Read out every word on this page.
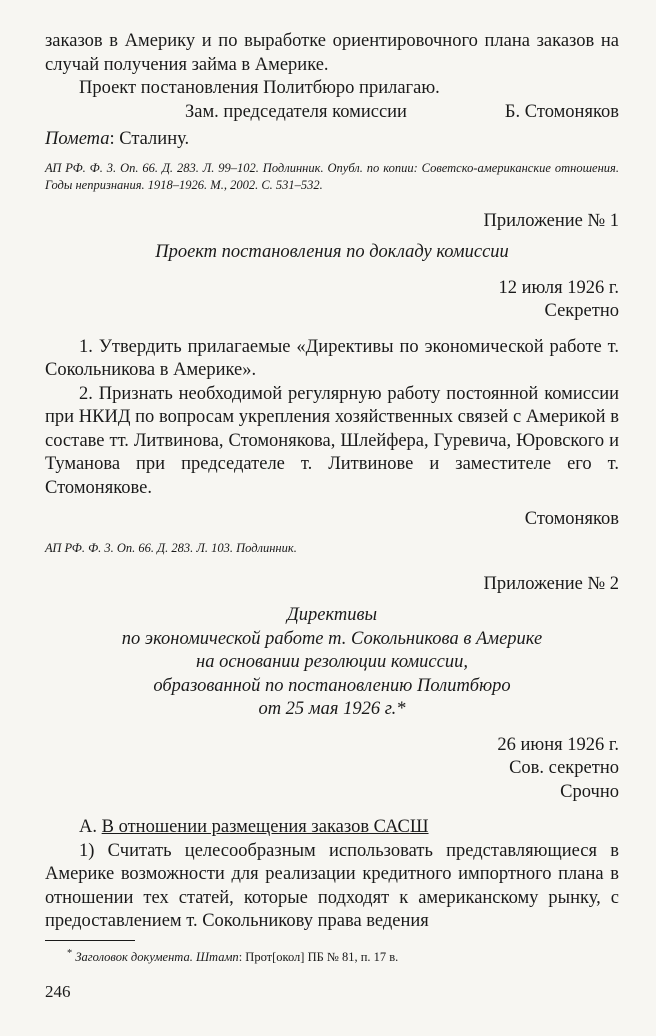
заказов в Америку и по выработке ориентировочного плана заказов на случай получения займа в Америке.

Проект постановления Политбюро прилагаю.

Зам. председателя комиссии	Б. Стомоняков

Помета: Сталину.

АП РФ. Ф. 3. Оп. 66. Д. 283. Л. 99–102. Подлинник. Опубл. по копии: Советско-американские отношения. Годы непризнания. 1918–1926. М., 2002. С. 531–532.

Приложение № 1

Проект постановления по докладу комиссии

12 июля 1926 г.

Секретно

1. Утвердить прилагаемые «Директивы по экономической работе т. Сокольникова в Америке».

2. Признать необходимой регулярную работу постоянной комиссии при НКИД по вопросам укрепления хозяйственных связей с Америкой в составе тт. Литвинова, Стомонякова, Шлейфера, Гуревича, Юровского и Туманова при председателе т. Литвинове и заместителе его т. Стомонякове.

Стомоняков

АП РФ. Ф. 3. Оп. 66. Д. 283. Л. 103. Подлинник.

Приложение № 2

Директивы

по экономической работе т. Сокольникова в Америке

на основании резолюции комиссии,

образованной по постановлению Политбюро

от 25 мая 1926 г.*

26 июня 1926 г.

Сов. секретно

Срочно

А. В отношении размещения заказов САСШ

1) Считать целесообразным использовать представляющиеся в Америке возможности для реализации кредитного импортного плана в отношении тех статей, которые подходят к американскому рынку, с предоставлением т. Сокольникову права ведения

* Заголовок документа. Штамп: Прот[окол] ПБ № 81, п. 17 в.

246
